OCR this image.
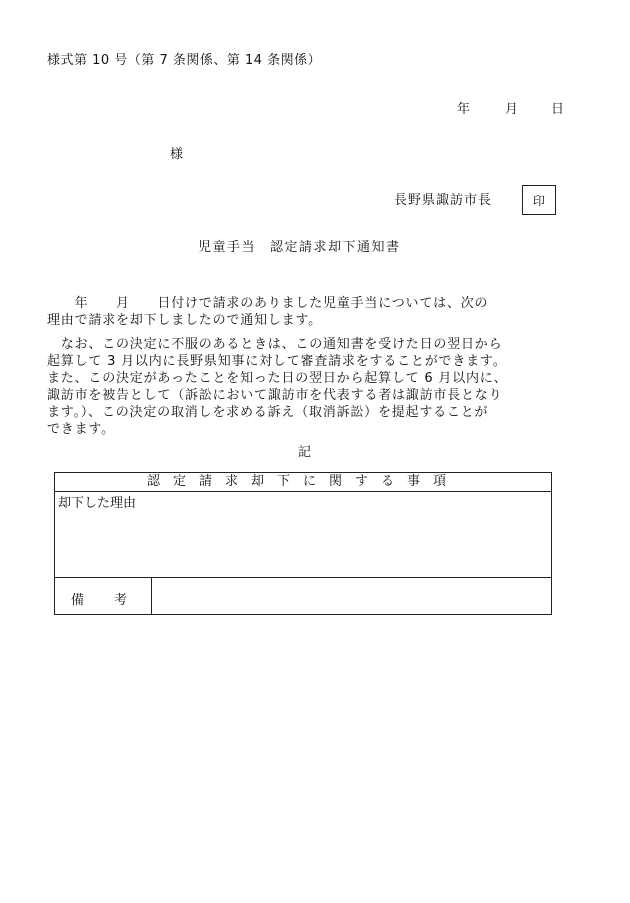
様式第 10 号（第 7 条関係、第 14 条関係）
年	月	日
様
長野県諏訪市長	印
児童手当 認定請求却下通知書
　　年　　月　　日付けで請求のありました児童手当については、次の
理由で請求を却下しましたので通知します。
　なお、この決定に不服のあるときは、この通知書を受けた日の翌日から
起算して 3 月以内に長野県知事に対して審査請求をすることができます。
また、この決定があったことを知った日の翌日から起算して 6 月以内に、
諏訪市を被告として（訴訟において諏訪市を代表する者は諏訪市長となり
ます。）、この決定の取消しを求める訴え（取消訴訟）を提起することが
できます。
記
認定請求却下に関する事項
却下した理由
備 考
